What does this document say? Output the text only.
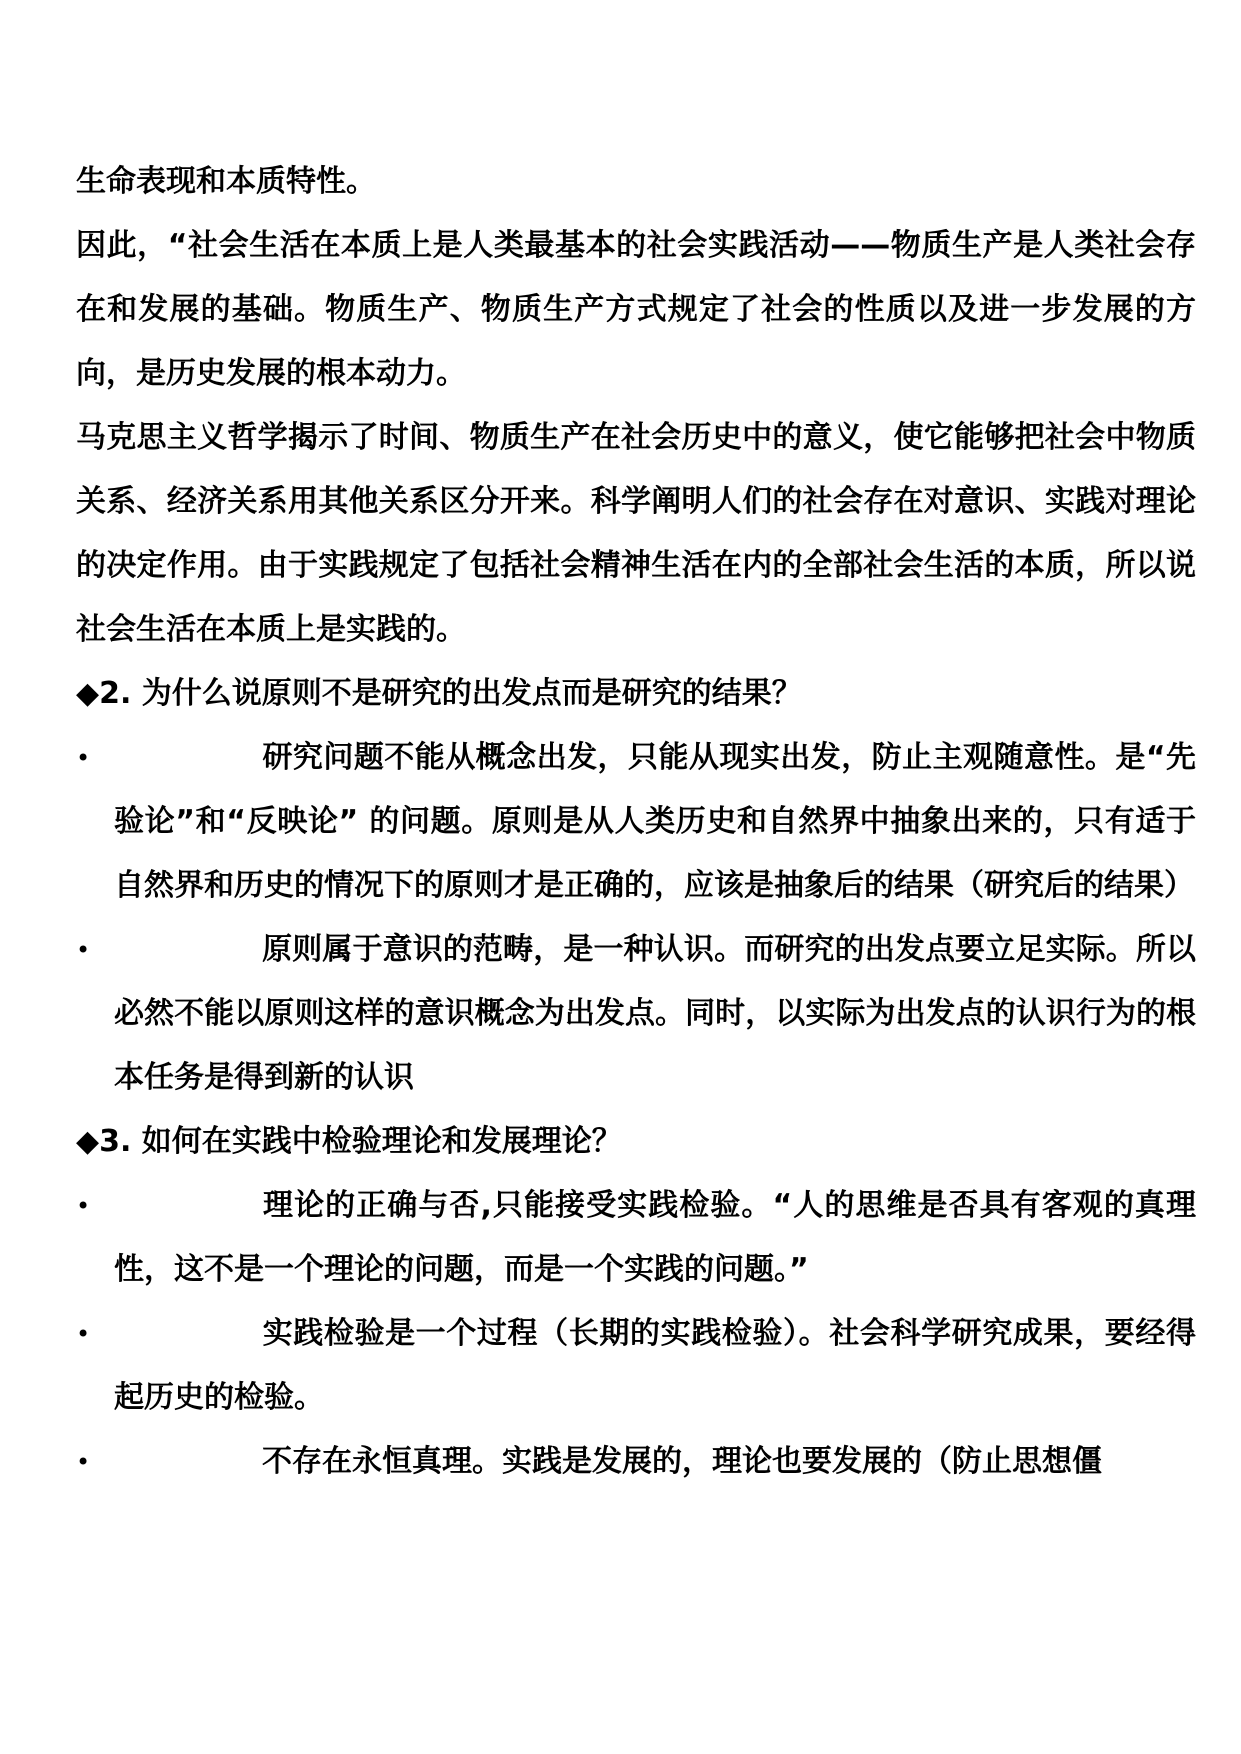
生命表现和本质特性。

因此，“社会生活在本质上是人类最基本的社会实践活动——物质生产是人类社会存在和发展的基础。物质生产、物质生产方式规定了社会的性质以及进一步发展的方向，是历史发展的根本动力。

马克思主义哲学揭示了时间、物质生产在社会历史中的意义，使它能够把社会中物质关系、经济关系用其他关系区分开来。科学阐明人们的社会存在对意识、实践对理论的决定作用。由于实践规定了包括社会精神生活在内的全部社会生活的本质，所以说社会生活在本质上是实践的。

◆2. 为什么说原则不是研究的出发点而是研究的结果？

•	研究问题不能从概念出发，只能从现实出发，防止主观随意性。是“先验论”和“反映论” 的问题。原则是从人类历史和自然界中抽象出来的，只有适于自然界和历史的情况下的原则才是正确的，应该是抽象后的结果（研究后的结果）

•	原则属于意识的范畴，是一种认识。而研究的出发点要立足实际。所以必然不能以原则这样的意识概念为出发点。同时，以实际为出发点的认识行为的根本任务是得到新的认识

◆3. 如何在实践中检验理论和发展理论？

•	理论的正确与否,只能接受实践检验。“人的思维是否具有客观的真理性，这不是一个理论的问题，而是一个实践的问题。”

•	实践检验是一个过程（长期的实践检验）。社会科学研究成果，要经得起历史的检验。

•	不存在永恒真理。实践是发展的，理论也要发展的（防止思想僵
